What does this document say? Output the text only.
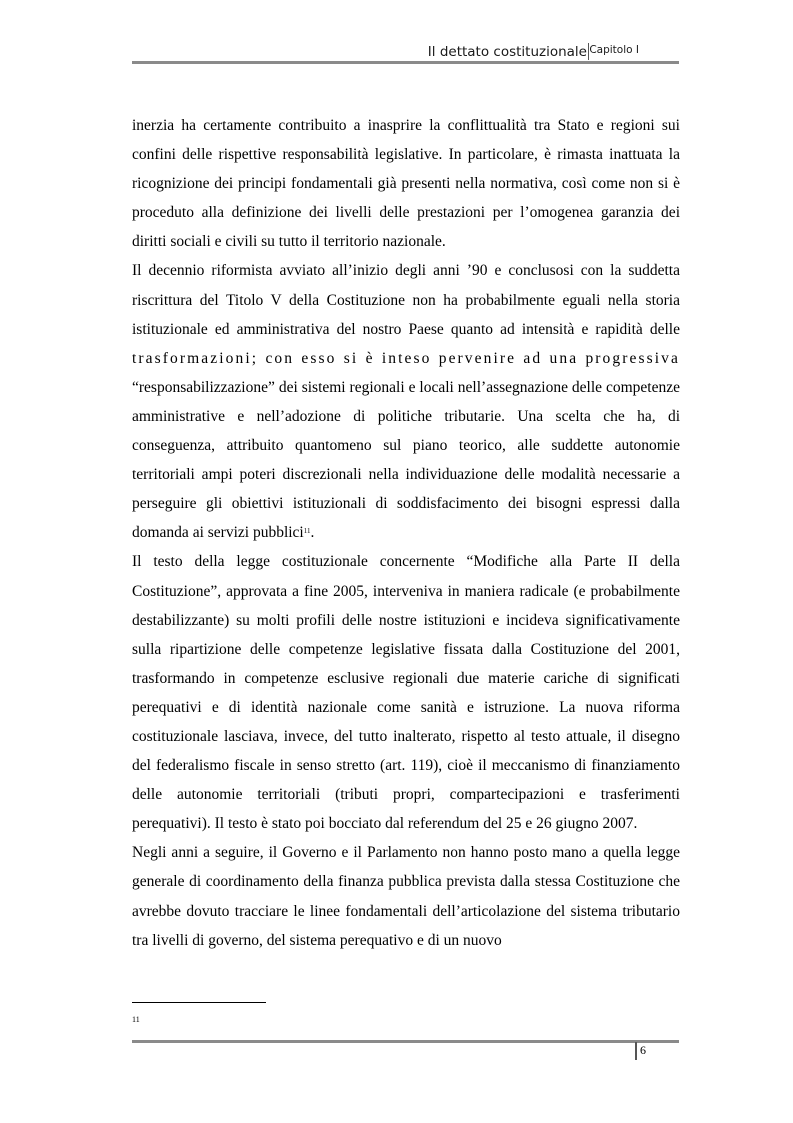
Il dettato costituzionale Capitolo I

inerzia ha certamente contribuito a inasprire la conflittualità tra Stato e regioni sui confini delle rispettive responsabilità legislative. In particolare, è rimasta inattuata la ricognizione dei principi fondamentali già presenti nella normativa, così come non si è proceduto alla definizione dei livelli delle prestazioni per l’omogenea garanzia dei diritti sociali e civili su tutto il territorio nazionale.

Il decennio riformista avviato all’inizio degli anni ’90 e conclusosi con la suddetta riscrittura del Titolo V della Costituzione non ha probabilmente eguali nella storia istituzionale ed amministrativa del nostro Paese quanto ad intensità e rapidità delle trasformazioni; con esso si è inteso pervenire ad una progressiva “responsabilizzazione” dei sistemi regionali e locali nell’assegnazione delle competenze amministrative e nell’adozione di politiche tributarie. Una scelta che ha, di conseguenza, attribuito quantomeno sul piano teorico, alle suddette autonomie territoriali ampi poteri discrezionali nella individuazione delle modalità necessarie a perseguire gli obiettivi istituzionali di soddisfacimento dei bisogni espressi dalla domanda ai servizi pubblici$^{11}$.

Il testo della legge costituzionale concernente “Modifiche alla Parte II della Costituzione”, approvata a fine 2005, interveniva in maniera radicale (e probabilmente destabilizzante) su molti profili delle nostre istituzioni e incideva significativamente sulla ripartizione delle competenze legislative fissata dalla Costituzione del 2001, trasformando in competenze esclusive regionali due materie cariche di significati perequativi e di identità nazionale come sanità e istruzione. La nuova riforma costituzionale lasciava, invece, del tutto inalterato, rispetto al testo attuale, il disegno del federalismo fiscale in senso stretto (art. 119), cioè il meccanismo di finanziamento delle autonomie territoriali (tributi propri, compartecipazioni e trasferimenti perequativi). Il testo è stato poi bocciato dal referendum del 25 e 26 giugno 2007.

Negli anni a seguire, il Governo e il Parlamento non hanno posto mano a quella legge generale di coordinamento della finanza pubblica prevista dalla stessa Costituzione che avrebbe dovuto tracciare le linee fondamentali dell’articolazione del sistema tributario tra livelli di governo, del sistema perequativo e di un nuovo

11
6
